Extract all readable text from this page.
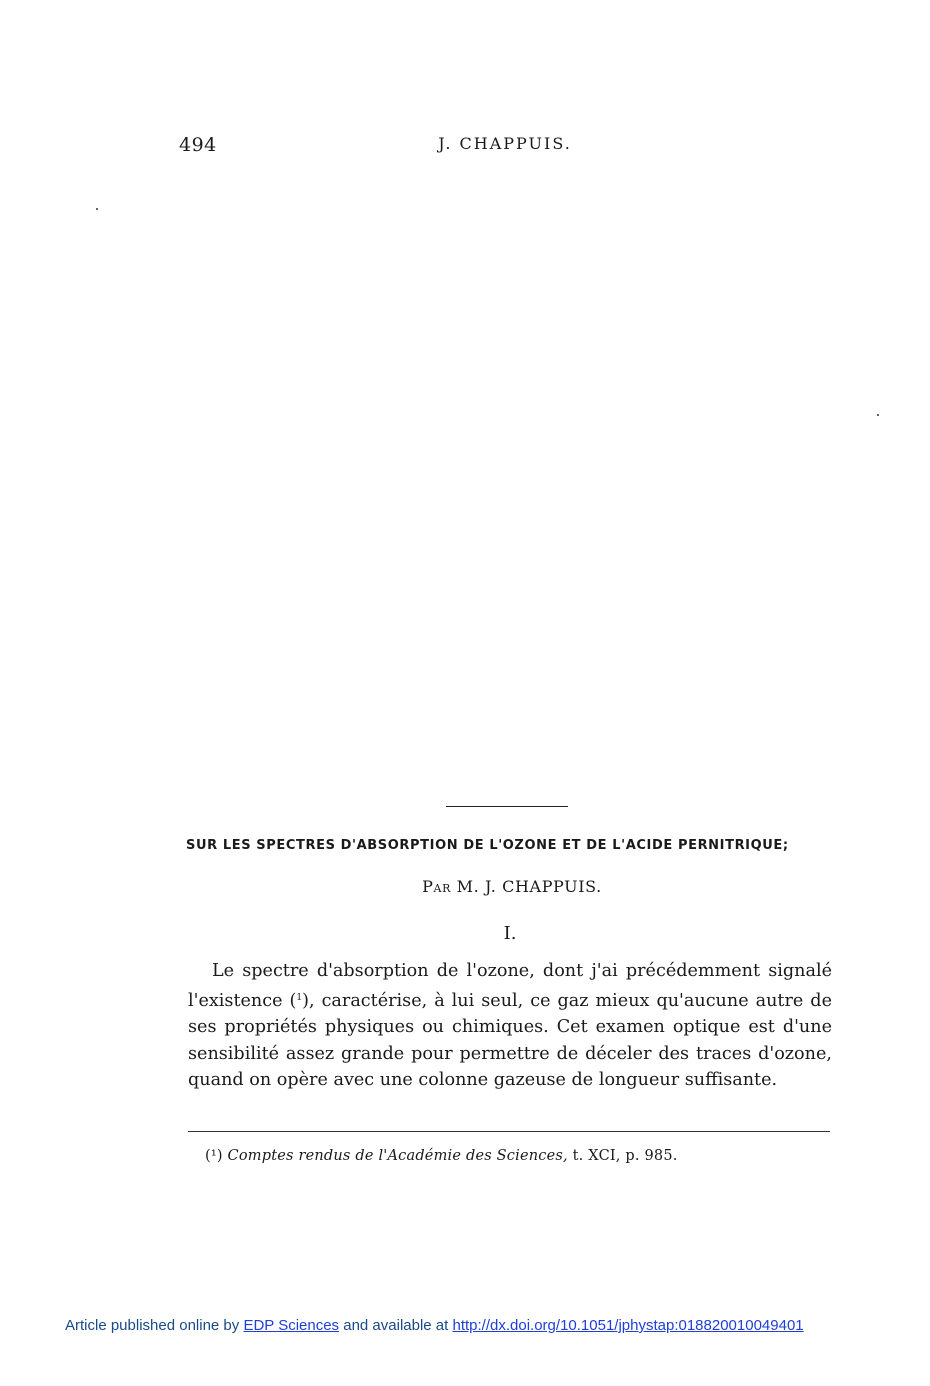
494	J. CHAPPUIS.
SUR LES SPECTRES D'ABSORPTION DE L'OZONE ET DE L'ACIDE PERNITRIQUE;
Par M. J. CHAPPUIS.
I.

Le spectre d'absorption de l'ozone, dont j'ai précédemment signalé l'existence ($^1$), caractérise, à lui seul, ce gaz mieux qu'aucune autre de ses propriétés physiques ou chimiques. Cet examen optique est d'une sensibilité assez grande pour permettre de déceler des traces d'ozone, quand on opère avec une colonne gazeuse de longueur suffisante.

(¹) Comptes rendus de l'Académie des Sciences, t. XCI, p. 985.
Article published online by EDP Sciences and available at http://dx.doi.org/10.1051/jphystap:018820010049401
